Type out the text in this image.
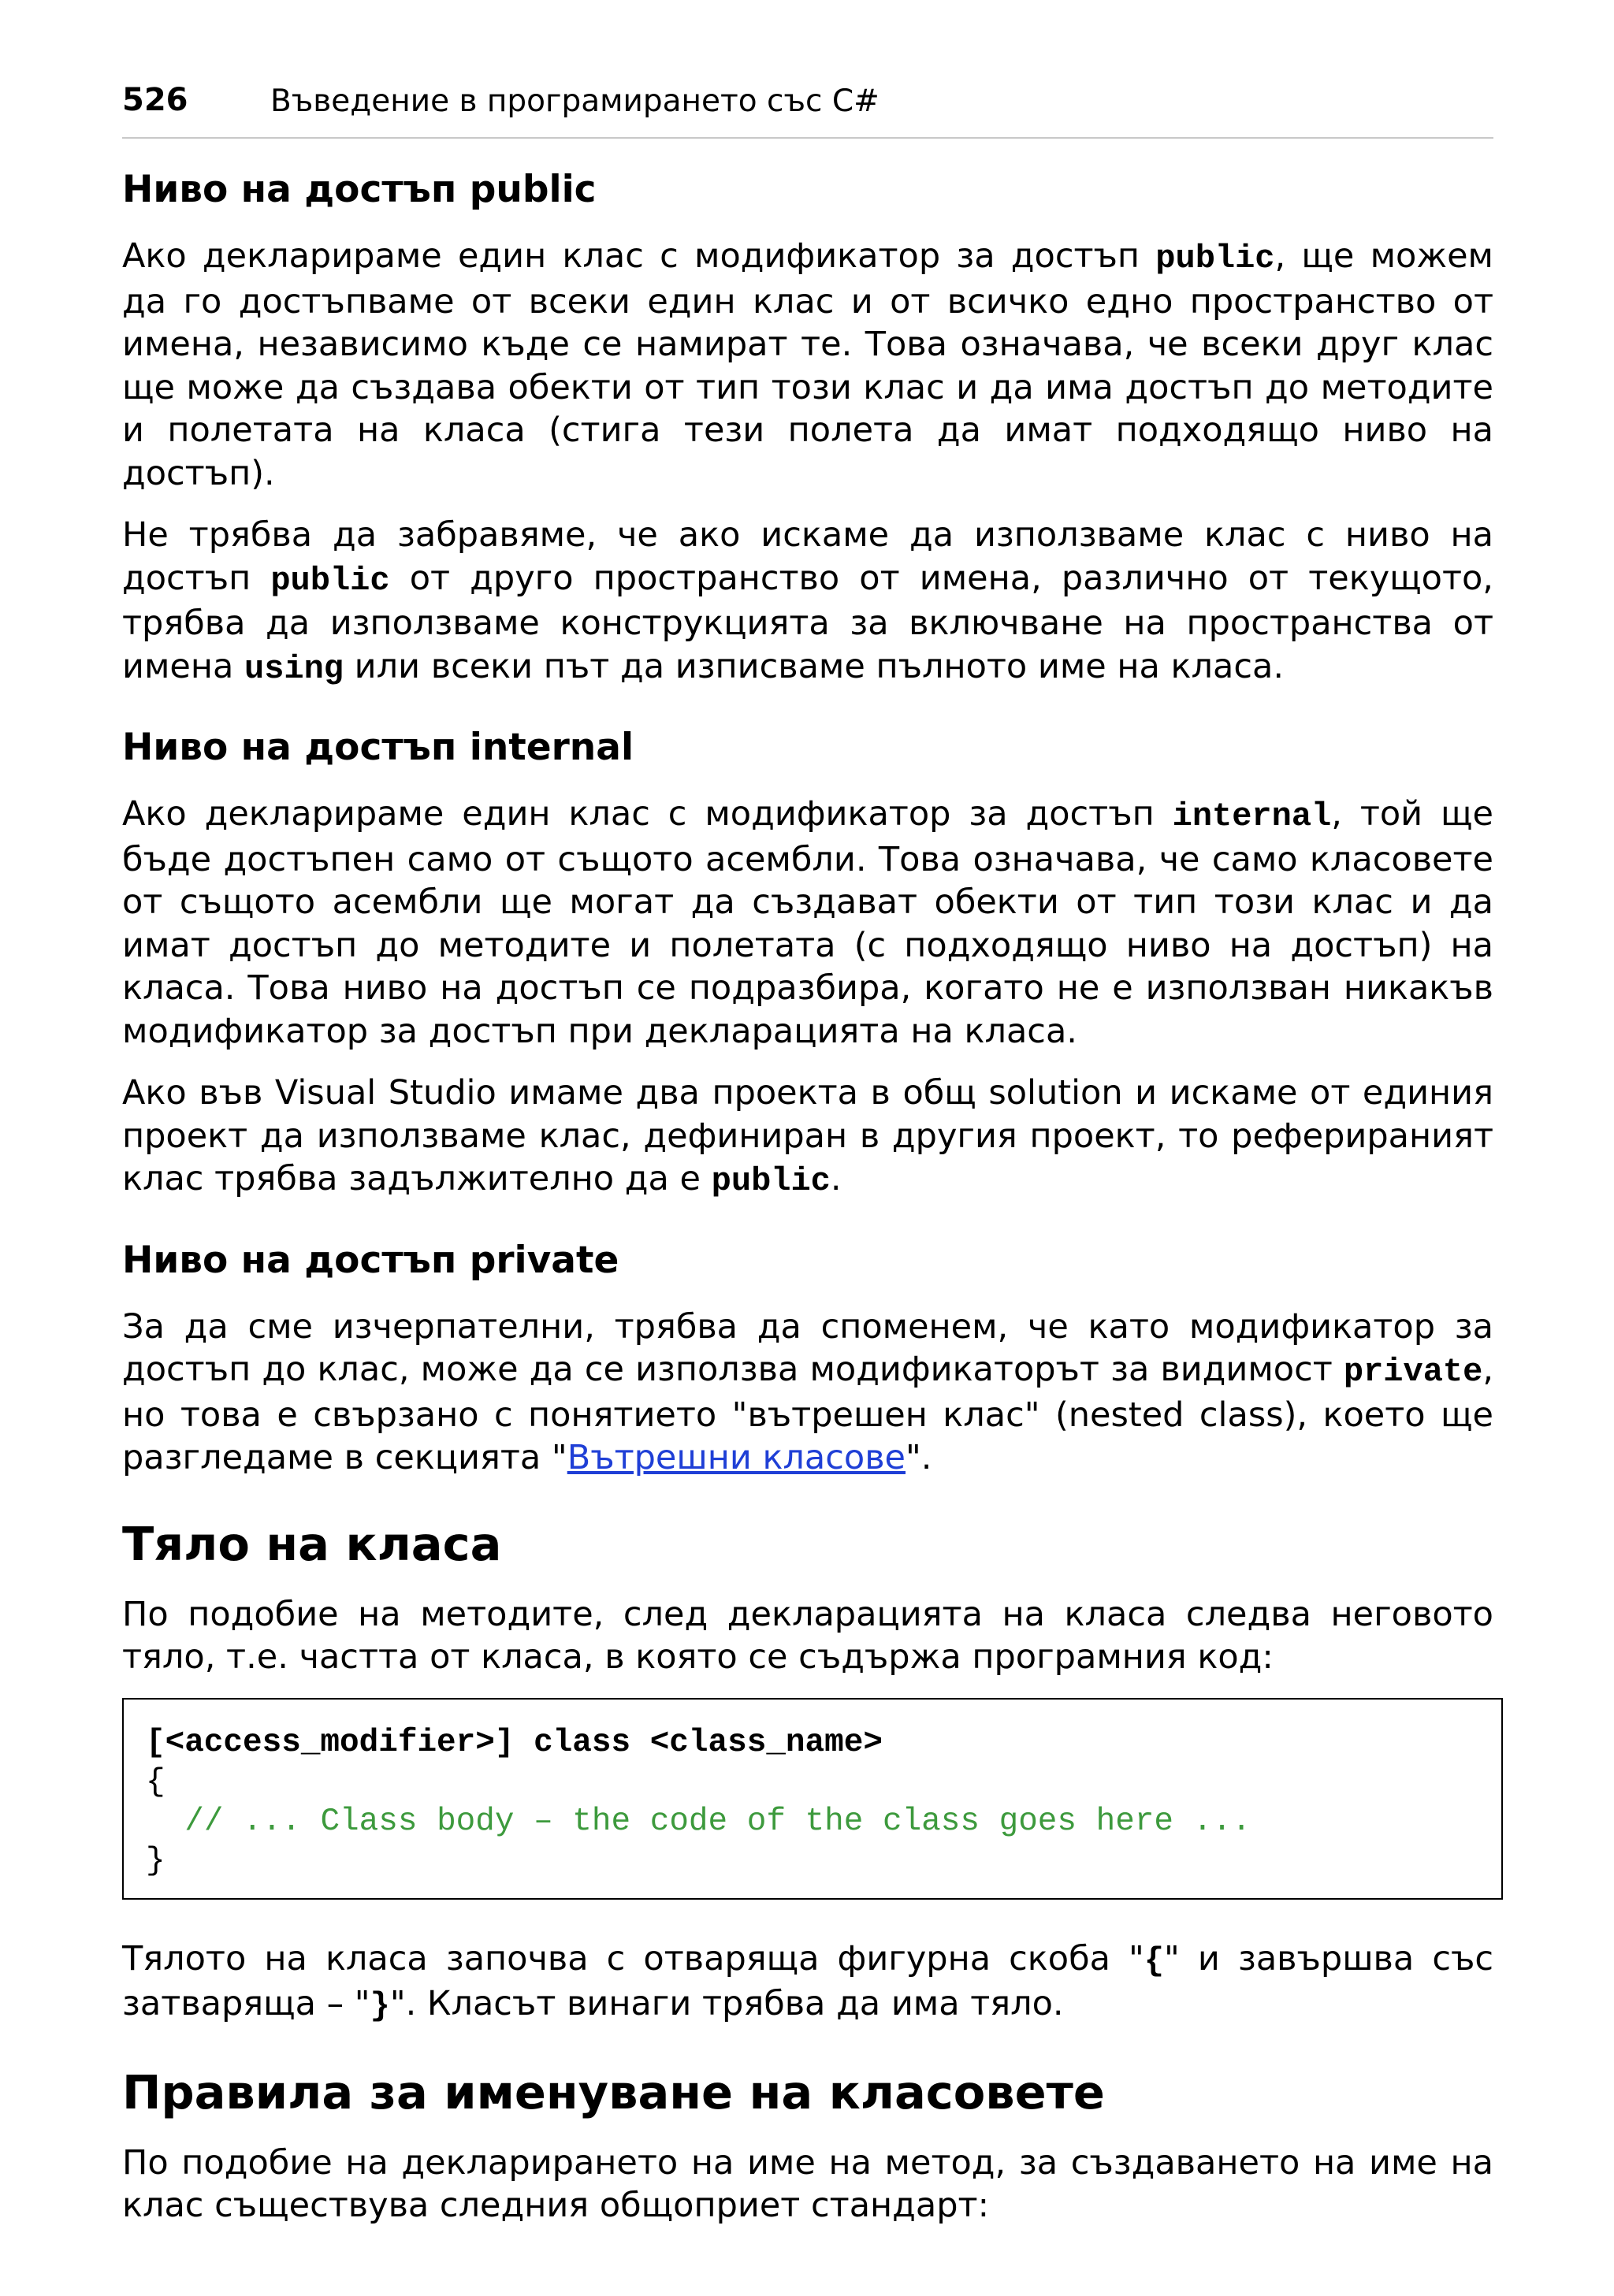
526	Въведение в програмирането със C#
Ниво на достъп public

Ако декларираме един клас с модификатор за достъп public, ще можем да го достъпваме от всеки един клас и от всичко едно пространство от имена, независимо къде се намират те. Това означава, че всеки друг клас ще може да създава обекти от тип този клас и да има достъп до методите и полетата на класа (стига тези полета да имат подходящо ниво на достъп).

Не трябва да забравяме, че ако искаме да използваме клас с ниво на достъп public от друго пространство от имена, различно от текущото, трябва да използваме конструкцията за включване на пространства от имена using или всеки път да изписваме пълното име на класа.

Ниво на достъп internal

Ако декларираме един клас с модификатор за достъп internal, той ще бъде достъпен само от същото асембли. Това означава, че само класовете от същото асембли ще могат да създават обекти от тип този клас и да имат достъп до методите и полетата (с подходящо ниво на достъп) на класа. Това ниво на достъп се подразбира, когато не е използван никакъв модификатор за достъп при декларацията на класа.

Ако във Visual Studio имаме два проекта в общ solution и искаме от единия проект да използваме клас, дефиниран в другия проект, то реферираният клас трябва задължително да е public.

Ниво на достъп private

За да сме изчерпателни, трябва да споменем, че като модификатор за достъп до клас, може да се използва модификаторът за видимост private, но това е свързано с понятието "вътрешен клас" (nested class), което ще разгледаме в секцията "Вътрешни класове".

Тяло на класа

По подобие на методите, след декларацията на класа следва неговото тяло, т.е. частта от класа, в която се съдържа програмния код:

[<access_modifier>] class <class_name>
{
// ... Class body – the code of the class goes here ...
}

Тялото на класа започва с отваряща фигурна скоба "{" и завършва със затваряща – "}". Класът винаги трябва да има тяло.

Правила за именуване на класовете

По подобие на декларирането на име на метод, за създаването на име на клас съществува следния общоприет стандарт:
